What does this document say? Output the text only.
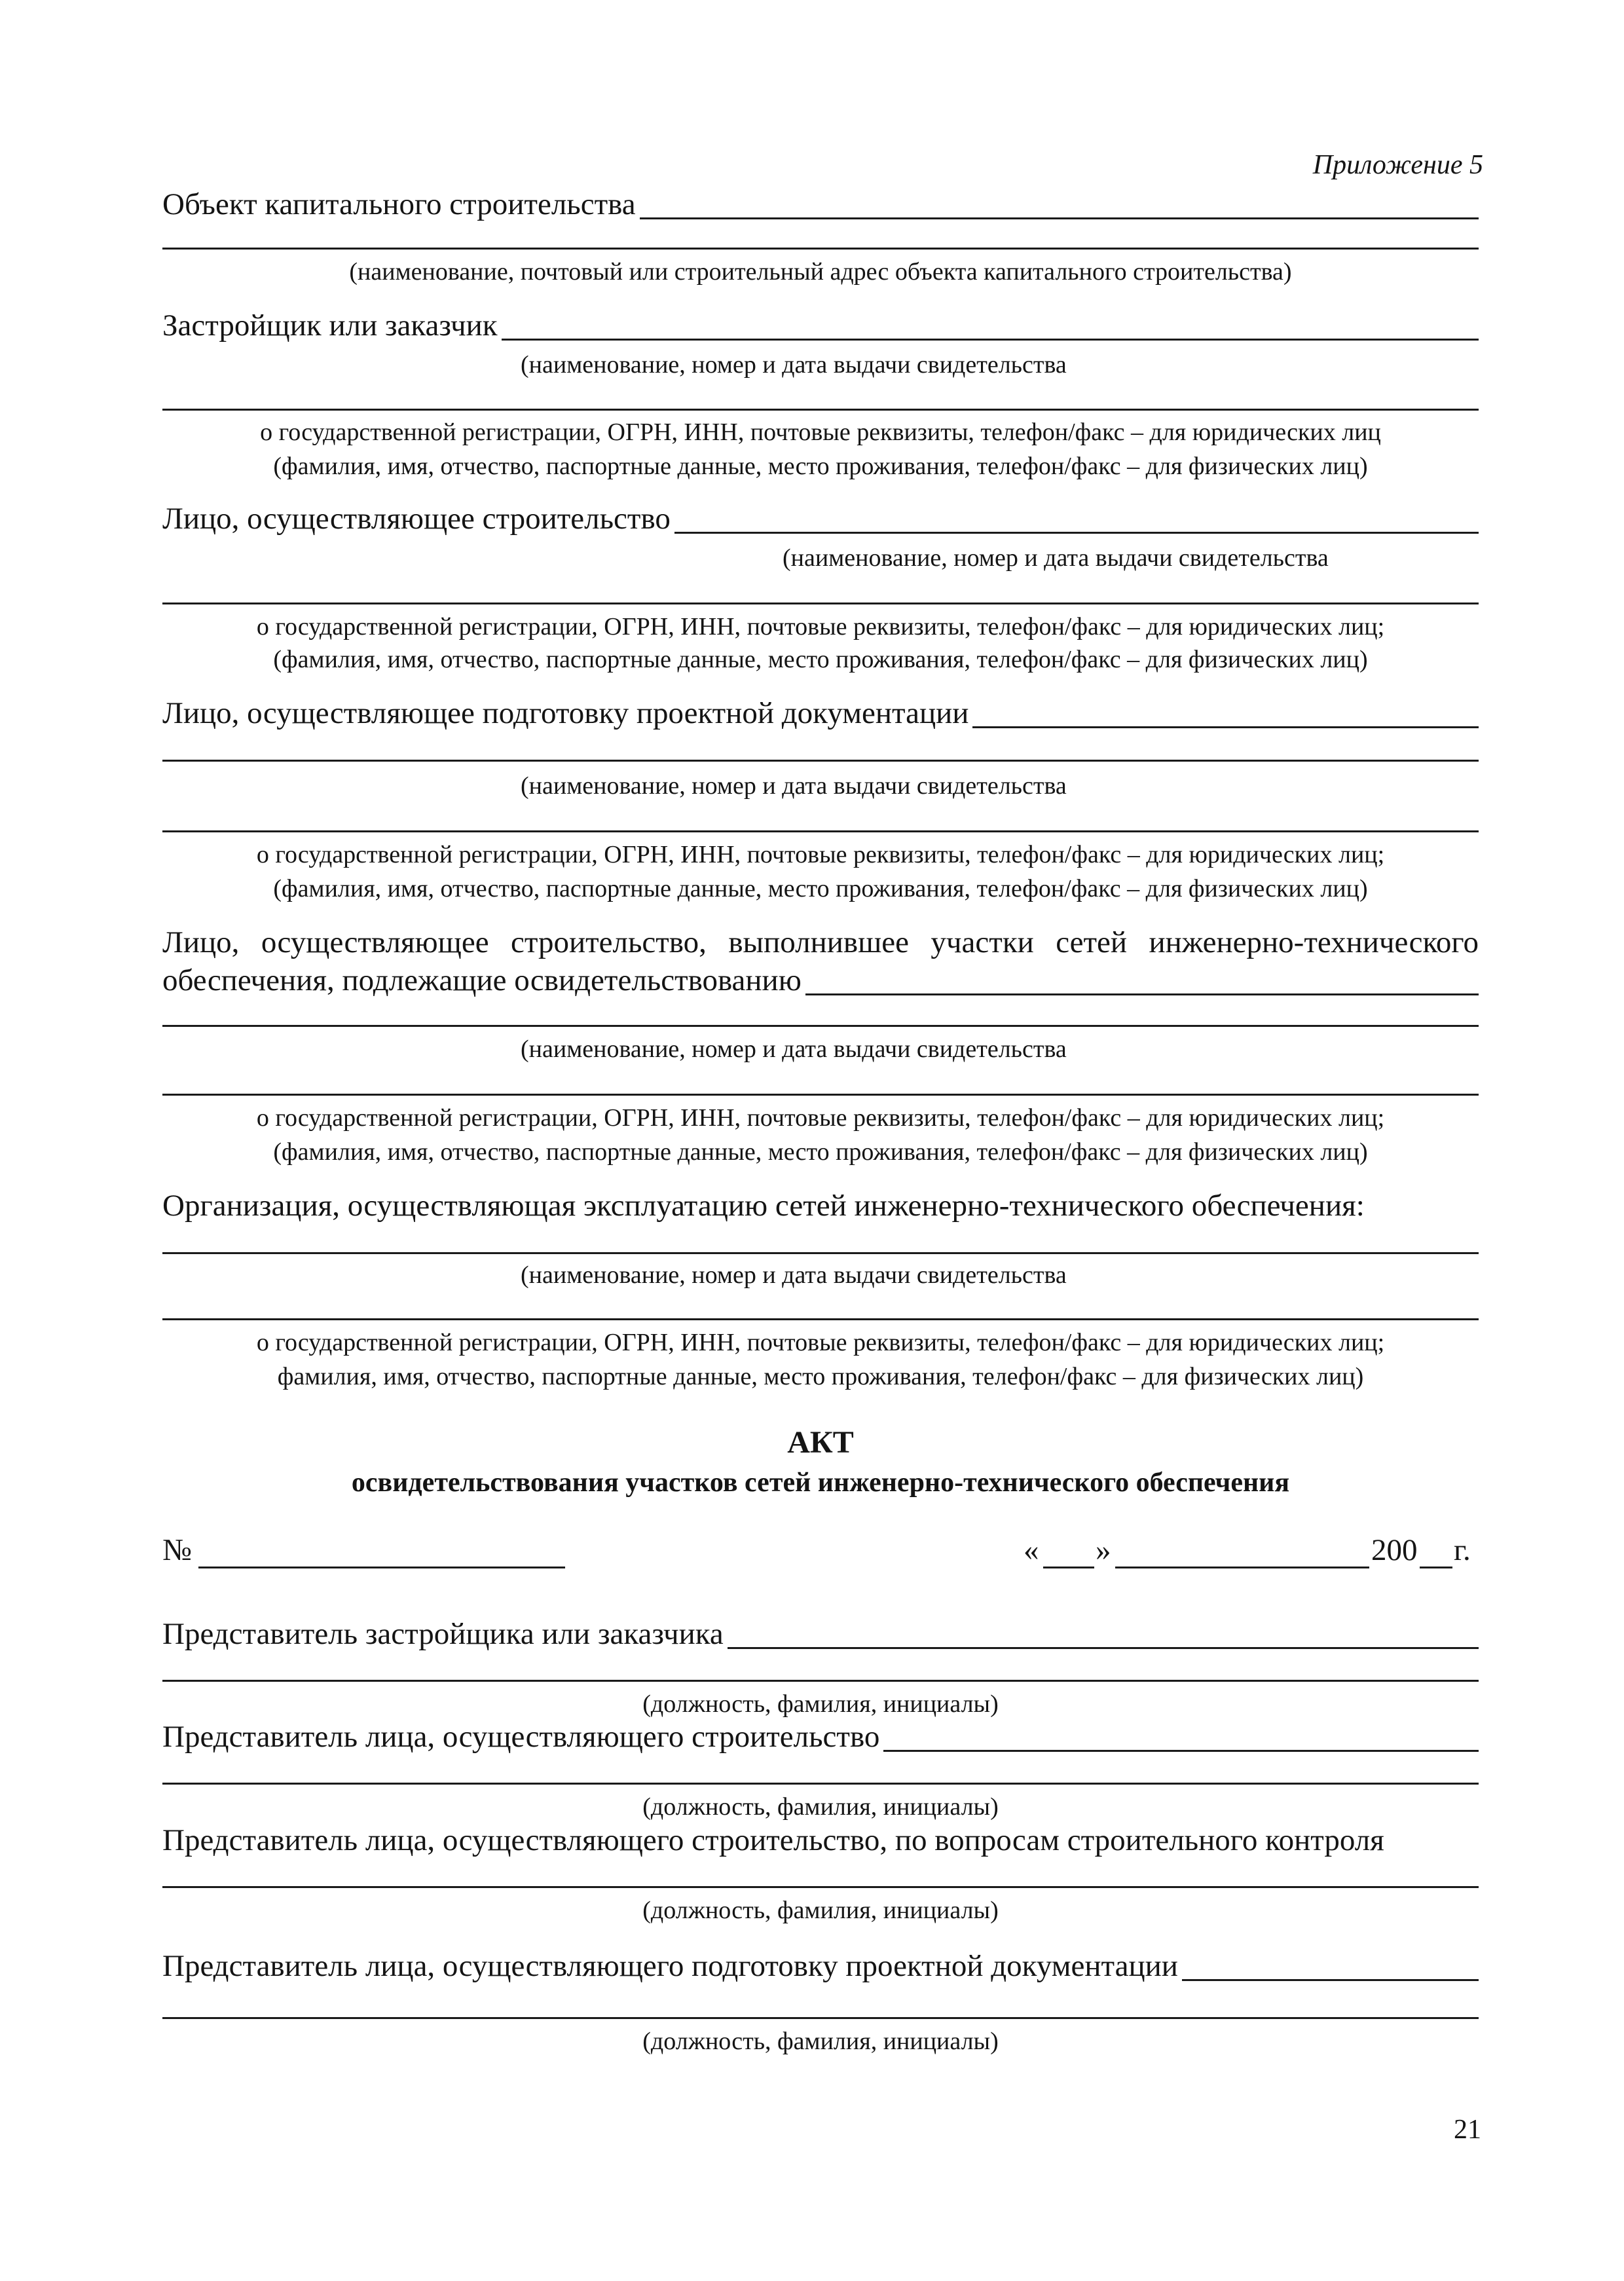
Приложение 5
Объект капитального строительства
(наименование, почтовый или строительный адрес объекта капитального строительства)
Застройщик или заказчик
(наименование, номер и дата выдачи свидетельства
о государственной регистрации, ОГРН, ИНН, почтовые реквизиты, телефон/факс – для юридических лиц
(фамилия, имя, отчество, паспортные данные, место проживания, телефон/факс – для физических лиц)
Лицо, осуществляющее строительство
(наименование, номер и дата выдачи свидетельства
о государственной регистрации, ОГРН, ИНН, почтовые реквизиты, телефон/факс – для юридических лиц;
(фамилия, имя, отчество, паспортные данные, место проживания, телефон/факс – для физических лиц)
Лицо, осуществляющее подготовку проектной документации
(наименование, номер и дата выдачи свидетельства
о государственной регистрации, ОГРН, ИНН, почтовые реквизиты, телефон/факс – для юридических лиц;
(фамилия, имя, отчество, паспортные данные, место проживания, телефон/факс – для физических лиц)
Лицо, осуществляющее строительство, выполнившее участки сетей инженерно-технического
обеспечения, подлежащие освидетельствованию
(наименование, номер и дата выдачи свидетельства
о государственной регистрации, ОГРН, ИНН, почтовые реквизиты, телефон/факс – для юридических лиц;
(фамилия, имя, отчество, паспортные данные, место проживания, телефон/факс – для физических лиц)
Организация, осуществляющая эксплуатацию сетей инженерно-технического обеспечения:
(наименование, номер и дата выдачи свидетельства
о государственной регистрации, ОГРН, ИНН, почтовые реквизиты, телефон/факс – для юридических лиц;
фамилия, имя, отчество, паспортные данные, место проживания, телефон/факс – для физических лиц)
АКТ
освидетельствования участков сетей инженерно-технического обеспечения
№	« »	200 г.
Представитель застройщика или заказчика
(должность, фамилия, инициалы)
Представитель лица, осуществляющего строительство
(должность, фамилия, инициалы)
Представитель лица, осуществляющего строительство, по вопросам строительного контроля
(должность, фамилия, инициалы)
Представитель лица, осуществляющего подготовку проектной документации
(должность, фамилия, инициалы)
21
